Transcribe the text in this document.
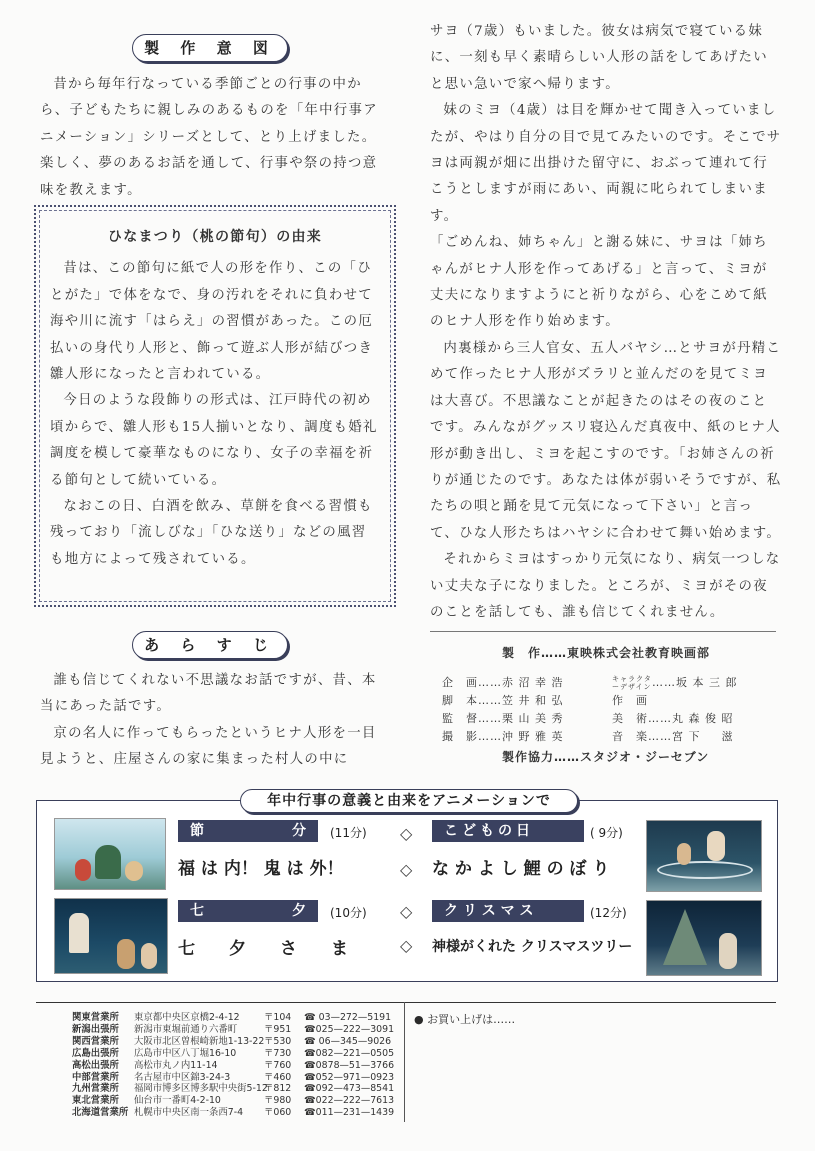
製 作 意 図

昔から毎年行なっている季節ごとの行事の中から、子どもたちに親しみのあるものを「年中行事アニメーション」シリーズとして、とり上げました。楽しく、夢のあるお話を通して、行事や祭の持つ意味を教えます。

ひなまつり（桃の節句）の由来

昔は、この節句に紙で人の形を作り、この「ひとがた」で体をなで、身の汚れをそれに負わせて海や川に流す「はらえ」の習慣があった。この厄払いの身代り人形と、飾って遊ぶ人形が結びつき雛人形になったと言われている。

今日のような段飾りの形式は、江戸時代の初め頃からで、雛人形も15人揃いとなり、調度も婚礼調度を模して豪華なものになり、女子の幸福を祈る節句として続いている。

なおこの日、白酒を飲み、草餅を食べる習慣も残っており「流しびな」「ひな送り」などの風習も地方によって残されている。

あ ら す じ

誰も信じてくれない不思議なお話ですが、昔、本当にあった話です。

京の名人に作ってもらったというヒナ人形を一目見ようと、庄屋さんの家に集まった村人の中に

サヨ（7歳）もいました。彼女は病気で寝ている妹に、一刻も早く素晴らしい人形の話をしてあげたいと思い急いで家へ帰ります。

妹のミヨ（4歳）は目を輝かせて聞き入っていましたが、やはり自分の目で見てみたいのです。そこでサヨは両親が畑に出掛けた留守に、おぶって連れて行こうとしますが雨にあい、両親に叱られてしまいます。

「ごめんね、姉ちゃん」と謝る妹に、サヨは「姉ちゃんがヒナ人形を作ってあげる」と言って、ミヨが丈夫になりますようにと祈りながら、心をこめて紙のヒナ人形を作り始めます。

内裏様から三人官女、五人バヤシ…とサヨが丹精こめて作ったヒナ人形がズラリと並んだのを見てミヨは大喜び。不思議なことが起きたのはその夜のことです。みんながグッスリ寝込んだ真夜中、紙のヒナ人形が動き出し、ミヨを起こすのです。「お姉さんの祈りが通じたのです。あなたは体が弱いそうですが、私たちの唄と踊を見て元気になって下さい」と言って、ひな人形たちはハヤシに合わせて舞い始めます。

それからミヨはすっかり元気になり、病気一つしない丈夫な子になりました。ところが、ミヨがその夜のことを話しても、誰も信じてくれません。

製　作……東映株式会社教育映画部
企　画……赤 沼 幸 浩	キャラクターデザイン……坂 本 三 郎
脚　本……笠 井 和 弘	作　画
監　督……栗 山 美 秀	美　術……丸 森 俊 昭
撮　影……沖 野 雅 英	音　楽……宮 下 　 滋
製作協力……スタジオ・ジーセブン
年中行事の意義と由来をアニメーションで
節	分 (11分)
福 は 内！ 鬼 は 外！
こどもの日	( 9分)
な か よ し 鯉 の ぼ り
七	夕 (10分)
七　　夕　　さ　　ま
ク リ ス マ ス	(12分)
神様がくれた クリスマスツリー
◇
◇
◇
◇
関東営業所 東京都中央区京橋2-4-12	〒104 ☎ 03—272—5191
新潟出張所 新潟市東堀前通り六番町	〒951 ☎025—222—3091
関西営業所 大阪市北区曽根崎新地1-13-22〒530 ☎ 06—345—9026
広島出張所 広島市中区八丁堀16-10	〒730 ☎082—221—0505
高松出張所 高松市丸ノ内11-14	〒760 ☎0878—51—3766
中部営業所 名古屋市中区錦3-24-3	〒460 ☎052—971—0923
九州営業所 福岡市博多区博多駅中央街5-12〒812 ☎092—473—8541
東北営業所 仙台市一番町4-2-10	〒980 ☎022—222—7613
北海道営業所 札幌市中央区南一条西7-4 〒060 ☎011—231—1439
● お買い上げは……
